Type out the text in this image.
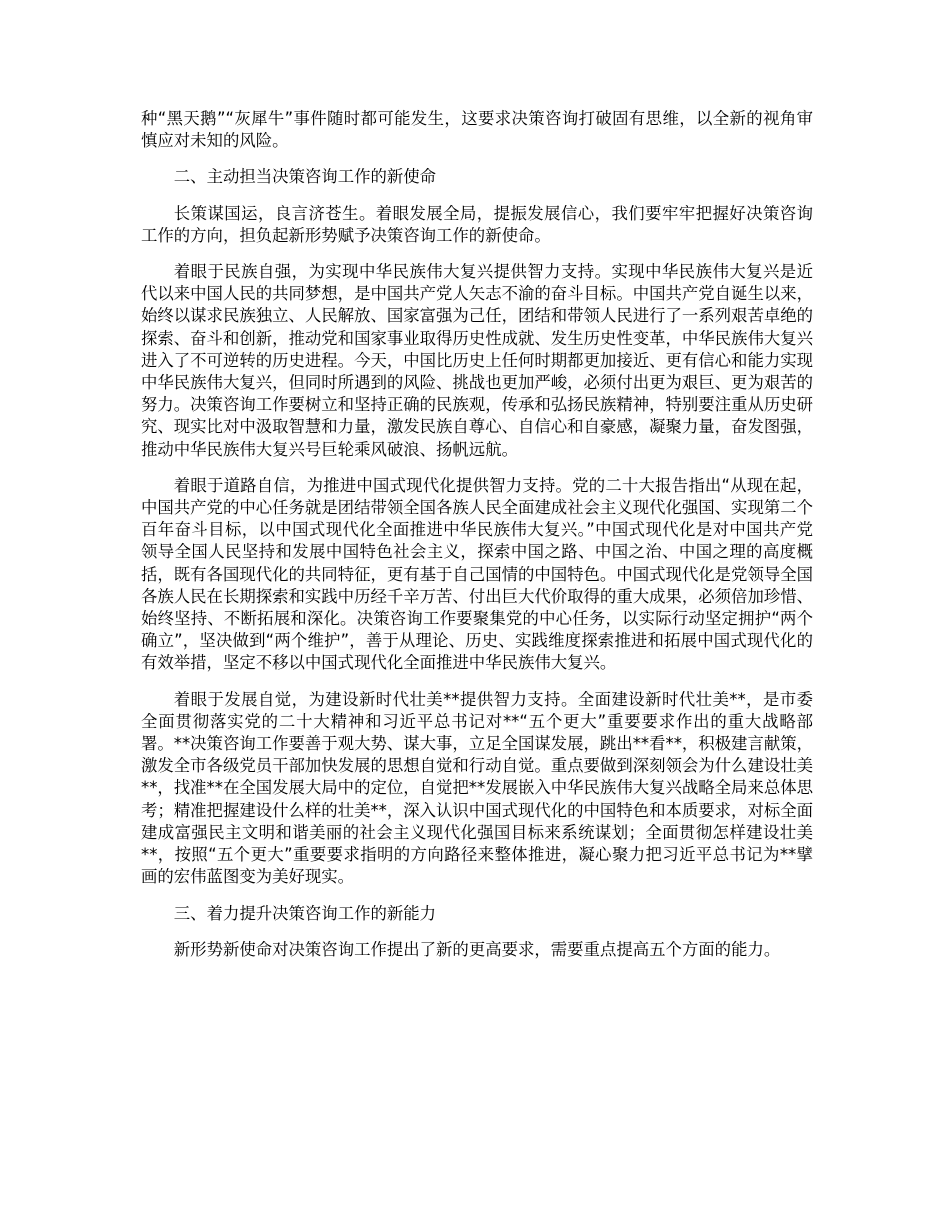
种“黑天鹅”“灰犀牛”事件随时都可能发生，这要求决策咨询打破固有思维，以全新的视角审慎应对未知的风险。

二、主动担当决策咨询工作的新使命

长策谋国运，良言济苍生。着眼发展全局，提振发展信心，我们要牢牢把握好决策咨询工作的方向，担负起新形势赋予决策咨询工作的新使命。

着眼于民族自强，为实现中华民族伟大复兴提供智力支持。实现中华民族伟大复兴是近代以来中国人民的共同梦想，是中国共产党人矢志不渝的奋斗目标。中国共产党自诞生以来，始终以谋求民族独立、人民解放、国家富强为己任，团结和带领人民进行了一系列艰苦卓绝的探索、奋斗和创新，推动党和国家事业取得历史性成就、发生历史性变革，中华民族伟大复兴进入了不可逆转的历史进程。今天，中国比历史上任何时期都更加接近、更有信心和能力实现中华民族伟大复兴，但同时所遇到的风险、挑战也更加严峻，必须付出更为艰巨、更为艰苦的努力。决策咨询工作要树立和坚持正确的民族观，传承和弘扬民族精神，特别要注重从历史研究、现实比对中汲取智慧和力量，激发民族自尊心、自信心和自豪感，凝聚力量，奋发图强，推动中华民族伟大复兴号巨轮乘风破浪、扬帆远航。

着眼于道路自信，为推进中国式现代化提供智力支持。党的二十大报告指出“从现在起，中国共产党的中心任务就是团结带领全国各族人民全面建成社会主义现代化强国、实现第二个百年奋斗目标，以中国式现代化全面推进中华民族伟大复兴。”中国式现代化是对中国共产党领导全国人民坚持和发展中国特色社会主义，探索中国之路、中国之治、中国之理的高度概括，既有各国现代化的共同特征，更有基于自己国情的中国特色。中国式现代化是党领导全国各族人民在长期探索和实践中历经千辛万苦、付出巨大代价取得的重大成果，必须倍加珍惜、始终坚持、不断拓展和深化。决策咨询工作要聚集党的中心任务，以实际行动坚定拥护“两个确立”，坚决做到“两个维护”，善于从理论、历史、实践维度探索推进和拓展中国式现代化的有效举措，坚定不移以中国式现代化全面推进中华民族伟大复兴。

着眼于发展自觉，为建设新时代壮美**提供智力支持。全面建设新时代壮美**，是市委全面贯彻落实党的二十大精神和习近平总书记对**“五个更大”重要要求作出的重大战略部署。**决策咨询工作要善于观大势、谋大事，立足全国谋发展，跳出**看**，积极建言献策，激发全市各级党员干部加快发展的思想自觉和行动自觉。重点要做到深刻领会为什么建设壮美**，找准**在全国发展大局中的定位，自觉把**发展嵌入中华民族伟大复兴战略全局来总体思考；精准把握建设什么样的壮美**，深入认识中国式现代化的中国特色和本质要求，对标全面建成富强民主文明和谐美丽的社会主义现代化强国目标来系统谋划；全面贯彻怎样建设壮美**，按照“五个更大”重要要求指明的方向路径来整体推进，凝心聚力把习近平总书记为**擘画的宏伟蓝图变为美好现实。

三、着力提升决策咨询工作的新能力

新形势新使命对决策咨询工作提出了新的更高要求，需要重点提高五个方面的能力。
